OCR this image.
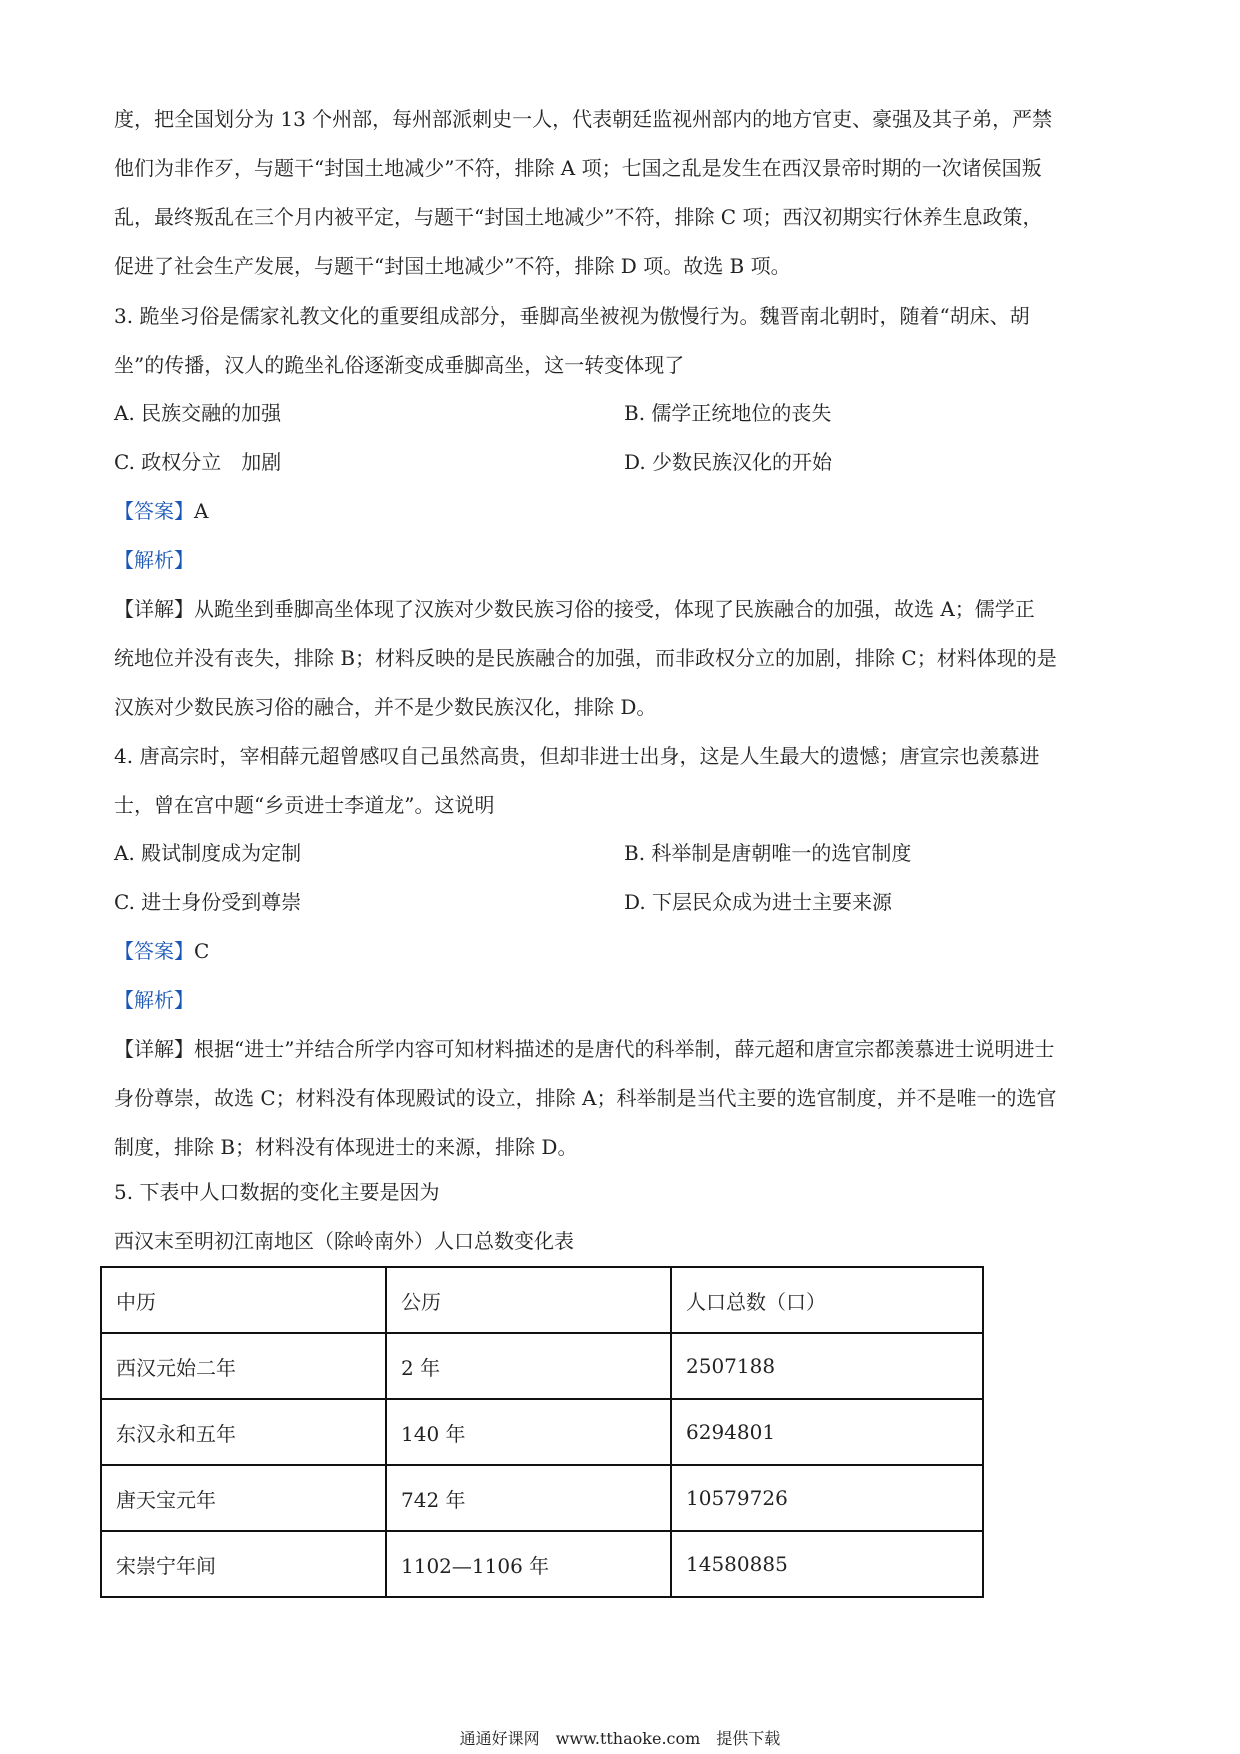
度，把全国划分为 13 个州部，每州部派刺史一人，代表朝廷监视州部内的地方官吏、豪强及其子弟，严禁
他们为非作歹，与题干“封国土地减少”不符，排除 A 项；七国之乱是发生在西汉景帝时期的一次诸侯国叛
乱，最终叛乱在三个月内被平定，与题干“封国土地减少”不符，排除 C 项；西汉初期实行休养生息政策，
促进了社会生产发展，与题干“封国土地减少”不符，排除 D 项。故选 B 项。
3. 跪坐习俗是儒家礼教文化的重要组成部分，垂脚高坐被视为傲慢行为。魏晋南北朝时，随着“胡床、胡
坐”的传播，汉人的跪坐礼俗逐渐变成垂脚高坐，这一转变体现了
A. 民族交融的加强	B. 儒学正统地位的丧失
C. 政权分立　加剧	D. 少数民族汉化的开始
【答案】A
【解析】
【详解】从跪坐到垂脚高坐体现了汉族对少数民族习俗的接受，体现了民族融合的加强，故选 A；儒学正
统地位并没有丧失，排除 B；材料反映的是民族融合的加强，而非政权分立的加剧，排除 C；材料体现的是
汉族对少数民族习俗的融合，并不是少数民族汉化，排除 D。
4. 唐高宗时，宰相薛元超曾感叹自己虽然高贵，但却非进士出身，这是人生最大的遗憾；唐宣宗也羡慕进
士，曾在宫中题“乡贡进士李道龙”。这说明
A. 殿试制度成为定制	B. 科举制是唐朝唯一的选官制度
C. 进士身份受到尊崇	D. 下层民众成为进士主要来源
【答案】C
【解析】
【详解】根据“进士”并结合所学内容可知材料描述的是唐代的科举制，薛元超和唐宣宗都羡慕进士说明进士
身份尊崇，故选 C；材料没有体现殿试的设立，排除 A；科举制是当代主要的选官制度，并不是唯一的选官
制度，排除 B；材料没有体现进士的来源，排除 D。
5. 下表中人口数据的变化主要是因为
西汉末至明初江南地区（除岭南外）人口总数变化表
中历	公历	人口总数（口）
西汉元始二年	2 年	2507188
东汉永和五年	140 年	6294801
唐天宝元年	742 年	10579726
宋崇宁年间	1102—1106 年	14580885
通通好课网　www.tthaoke.com　提供下载
